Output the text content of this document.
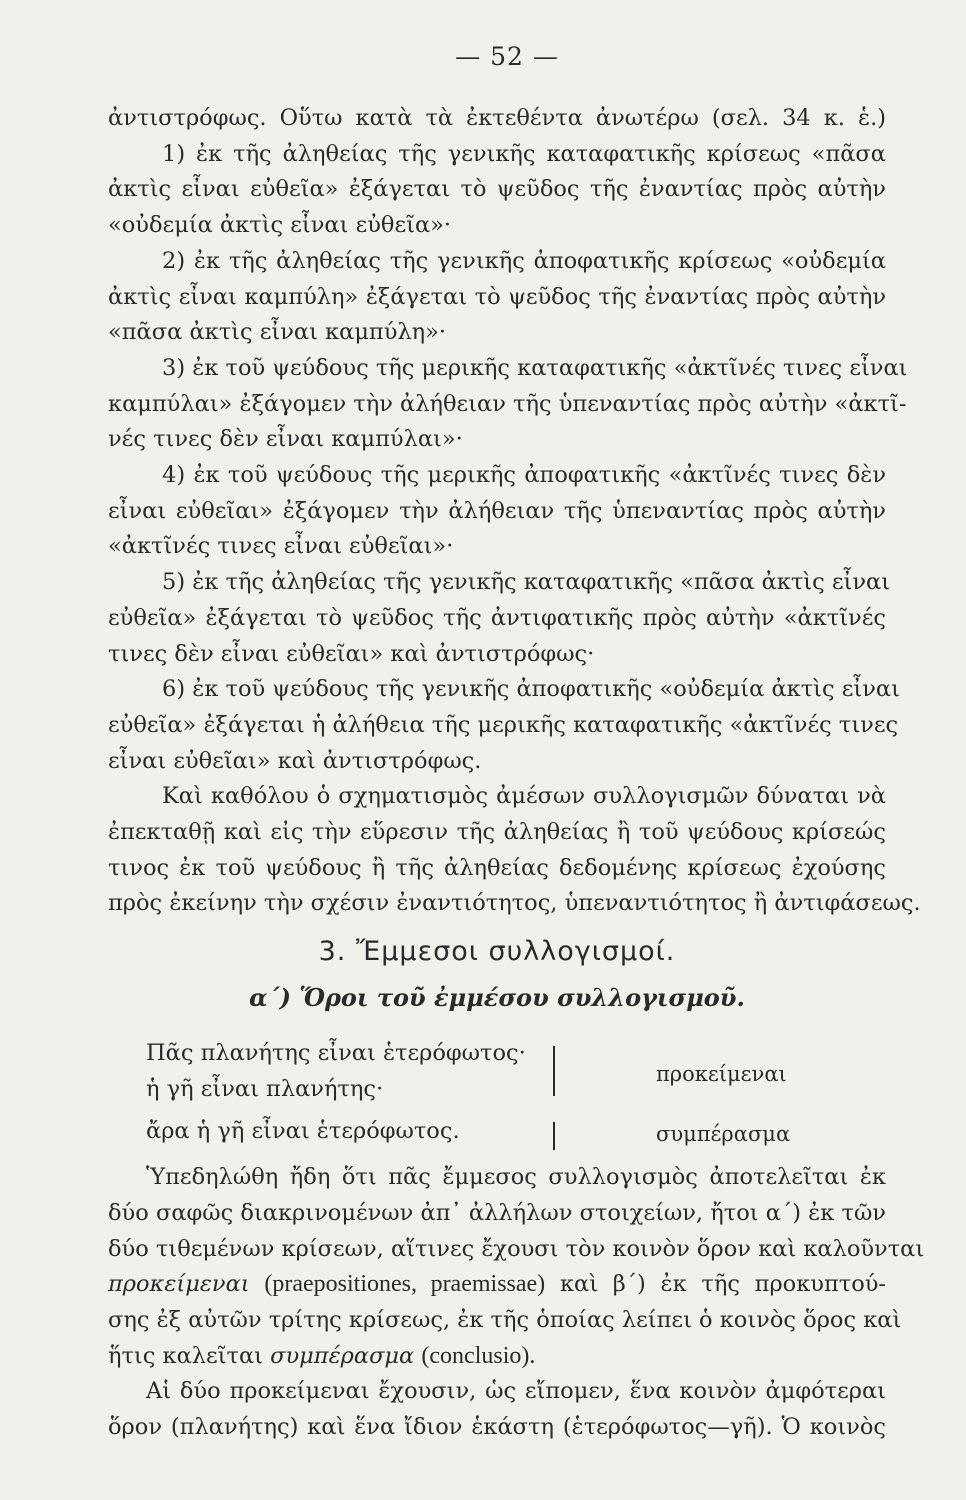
— 52 —
ἀντιστρόφως. Οὕτω κατὰ τὰ ἐκτεθέντα ἀνωτέρω (σελ. 34 κ. ἑ.)
1) ἐκ τῆς ἀληθείας τῆς γενικῆς καταφατικῆς κρίσεως «πᾶσα
ἀκτὶς εἶναι εὐθεῖα» ἐξάγεται τὸ ψεῦδος τῆς ἐναντίας πρὸς αὐτὴν
«οὐδεμία ἀκτὶς εἶναι εὐθεῖα»·
2) ἐκ τῆς ἀληθείας τῆς γενικῆς ἀποφατικῆς κρίσεως «οὐδεμία
ἀκτὶς εἶναι καμπύλη» ἐξάγεται τὸ ψεῦδος τῆς ἐναντίας πρὸς αὐτὴν
«πᾶσα ἀκτὶς εἶναι καμπύλη»·
3) ἐκ τοῦ ψεύδους τῆς μερικῆς καταφατικῆς «ἀκτῖνές τινες εἶναι
καμπύλαι» ἐξάγομεν τὴν ἀλήθειαν τῆς ὑπεναντίας πρὸς αὐτὴν «ἀκτῖ-
νές τινες δὲν εἶναι καμπύλαι»·
4) ἐκ τοῦ ψεύδους τῆς μερικῆς ἀποφατικῆς «ἀκτῖνές τινες δὲν
εἶναι εὐθεῖαι» ἐξάγομεν τὴν ἀλήθειαν τῆς ὑπεναντίας πρὸς αὐτὴν
«ἀκτῖνές τινες εἶναι εὐθεῖαι»·
5) ἐκ τῆς ἀληθείας τῆς γενικῆς καταφατικῆς «πᾶσα ἀκτὶς εἶναι
εὐθεῖα» ἐξάγεται τὸ ψεῦδος τῆς ἀντιφατικῆς πρὸς αὐτὴν «ἀκτῖνές
τινες δὲν εἶναι εὐθεῖαι» καὶ ἀντιστρόφως·
6) ἐκ τοῦ ψεύδους τῆς γενικῆς ἀποφατικῆς «οὐδεμία ἀκτὶς εἶναι
εὐθεῖα» ἐξάγεται ἡ ἀλήθεια τῆς μερικῆς καταφατικῆς «ἀκτῖνές τινες
εἶναι εὐθεῖαι» καὶ ἀντιστρόφως.
Καὶ καθόλου ὁ σχηματισμὸς ἀμέσων συλλογισμῶν δύναται νὰ
ἐπεκταθῇ καὶ εἰς τὴν εὕρεσιν τῆς ἀληθείας ἢ τοῦ ψεύδους κρίσεώς
τινος ἐκ τοῦ ψεύδους ἢ τῆς ἀληθείας δεδομένης κρίσεως ἐχούσης
πρὸς ἐκείνην τὴν σχέσιν ἐναντιότητος, ὑπεναντιότητος ἢ ἀντιφάσεως.
3. Ἔμμεσοι συλλογισμοί.
α΄) Ὅροι τοῦ ἐμμέσου συλλογισμοῦ.
Πᾶς πλανήτης εἶναι ἑτερόφωτος·
ἡ γῆ εἶναι πλανήτης·
προκείμεναι
ἄρα ἡ γῆ εἶναι ἑτερόφωτος.	συμπέρασμα
Ὑπεδηλώθη ἤδη ὅτι πᾶς ἔμμεσος συλλογισμὸς ἀποτελεῖται ἐκ
δύο σαφῶς διακρινομένων ἀπ᾿ ἀλλήλων στοιχείων, ἤτοι α΄) ἐκ τῶν
δύο τιθεμένων κρίσεων, αἵτινες ἔχουσι τὸν κοινὸν ὅρον καὶ καλοῦνται
προκείμεναι (praepositiones, praemissae) καὶ β΄) ἐκ τῆς προκυπτού-
σης ἐξ αὐτῶν τρίτης κρίσεως, ἐκ τῆς ὁποίας λείπει ὁ κοινὸς ὅρος καὶ
ἥτις καλεῖται συμπέρασμα (conclusio).
Αἱ δύο προκείμεναι ἔχουσιν, ὡς εἴπομεν, ἕνα κοινὸν ἀμφότεραι
ὅρον (πλανήτης) καὶ ἕνα ἴδιον ἑκάστη (ἑτερόφωτος—γῆ). Ὁ κοινὸς
